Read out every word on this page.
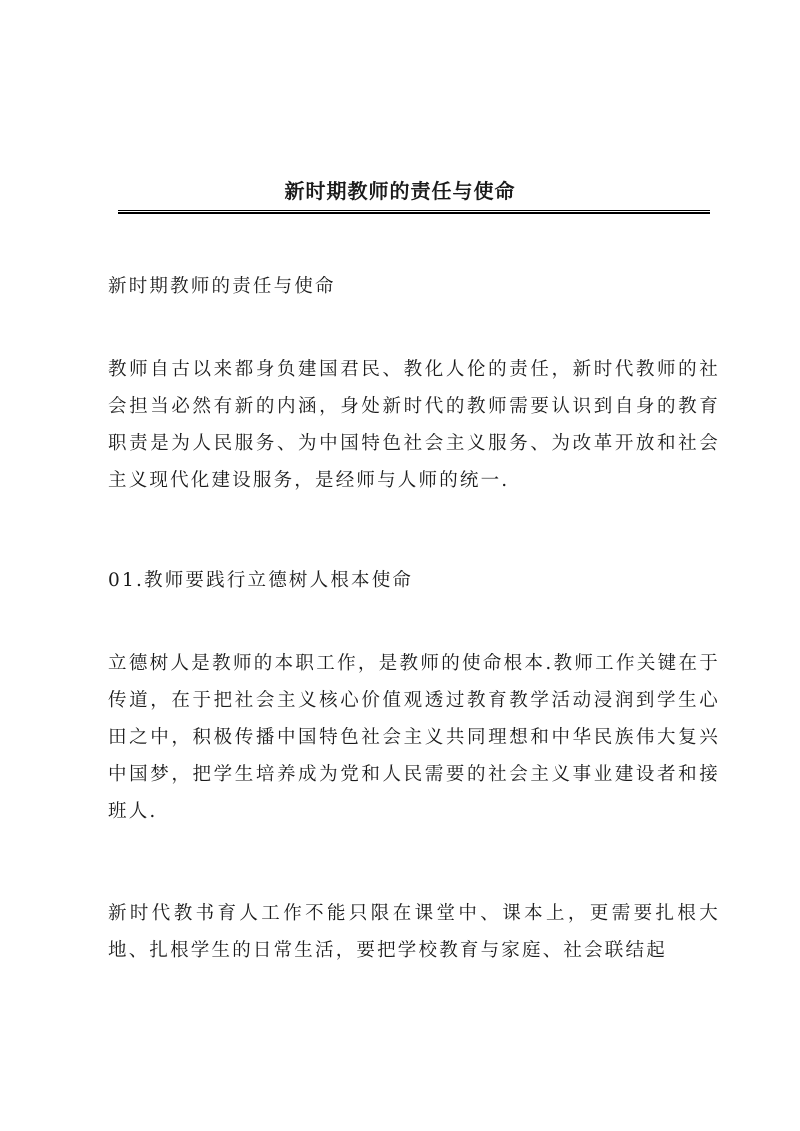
新时期教师的责任与使命

新时期教师的责任与使命

教师自古以来都身负建国君民、教化人伦的责任，新时代教师的社会担当必然有新的内涵，身处新时代的教师需要认识到自身的教育职责是为人民服务、为中国特色社会主义服务、为改革开放和社会主义现代化建设服务，是经师与人师的统一.

01.教师要践行立德树人根本使命

立德树人是教师的本职工作，是教师的使命根本.教师工作关键在于传道，在于把社会主义核心价值观透过教育教学活动浸润到学生心田之中，积极传播中国特色社会主义共同理想和中华民族伟大复兴中国梦，把学生培养成为党和人民需要的社会主义事业建设者和接班人.

新时代教书育人工作不能只限在课堂中、课本上，更需要扎根大地、扎根学生的日常生活，要把学校教育与家庭、社会联结起
